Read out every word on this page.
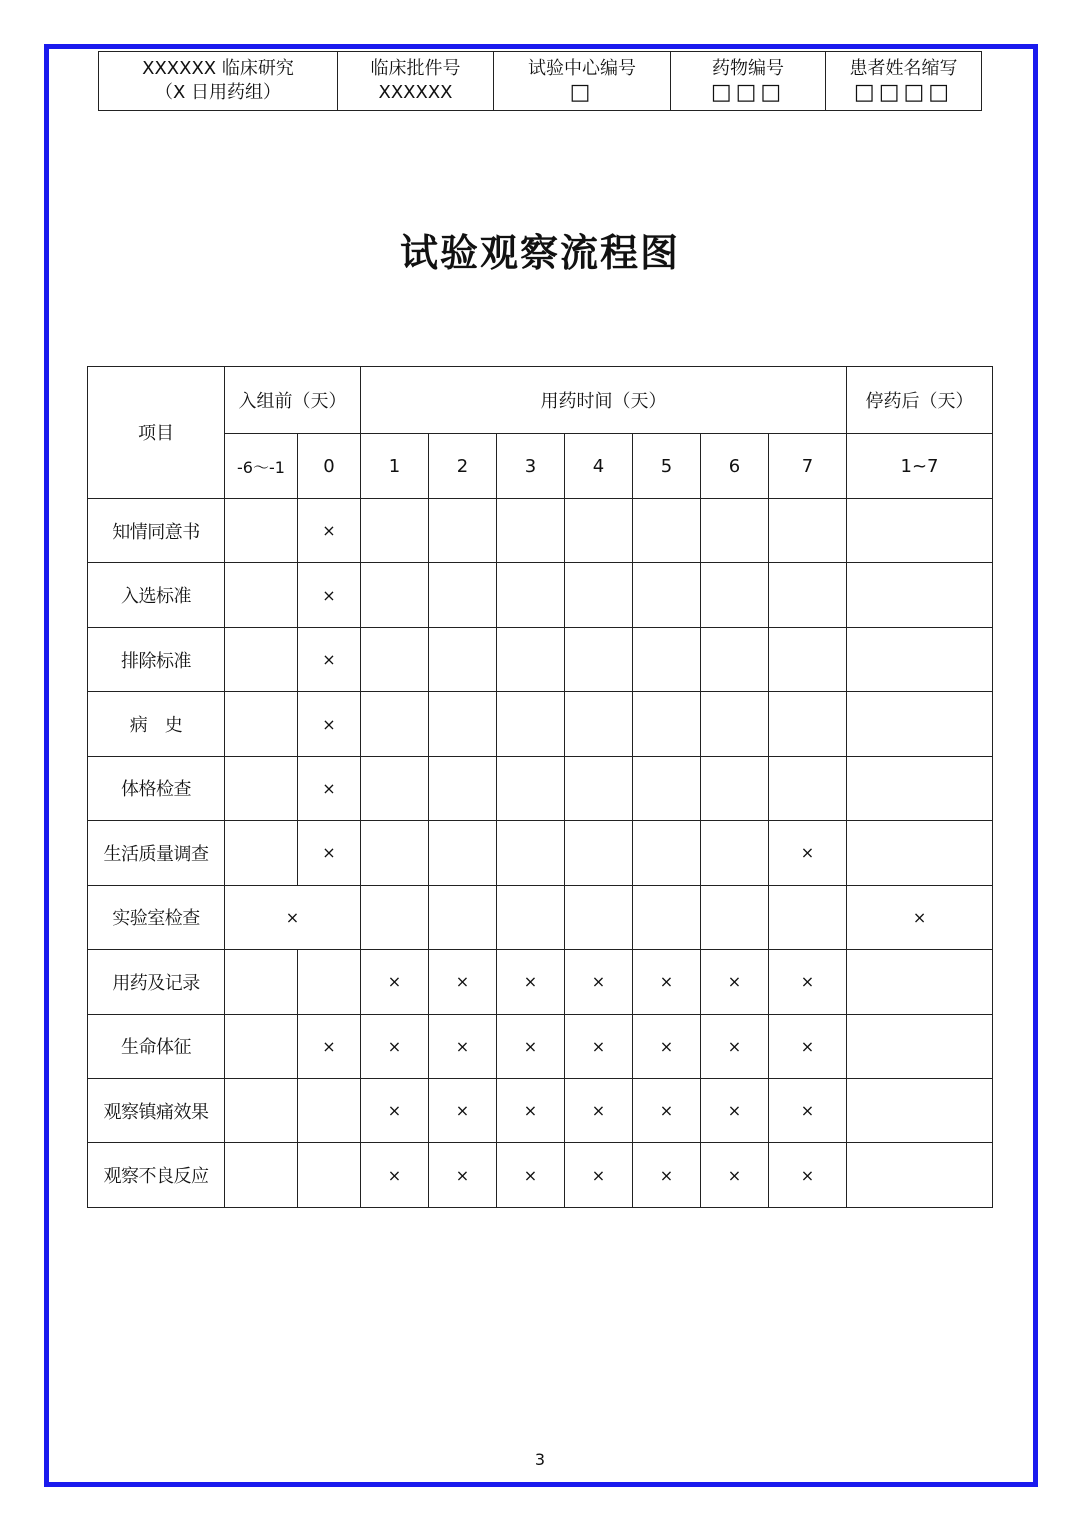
XXXXXX 临床研究
（X 日用药组）

临床批件号
XXXXXX

试验中心编号
□

药物编号
□□□

患者姓名缩写
□□□□
试验观察流程图
项目	入组前（天）		用药时间（天）							停药后（天）
	-6～-1	0	1	2	3	4	5	6	7	1~7
知情同意书		×								
入选标准		×								
排除标准		×								
病　史		×								
体格检查		×								
生活质量调查		×							×	
实验室检查	×									×
用药及记录			×	×	×	×	×	×	×	
生命体征		×	×	×	×	×	×	×	×	
观察镇痛效果			×	×	×	×	×	×	×	
观察不良反应			×	×	×	×	×	×	×	
3
